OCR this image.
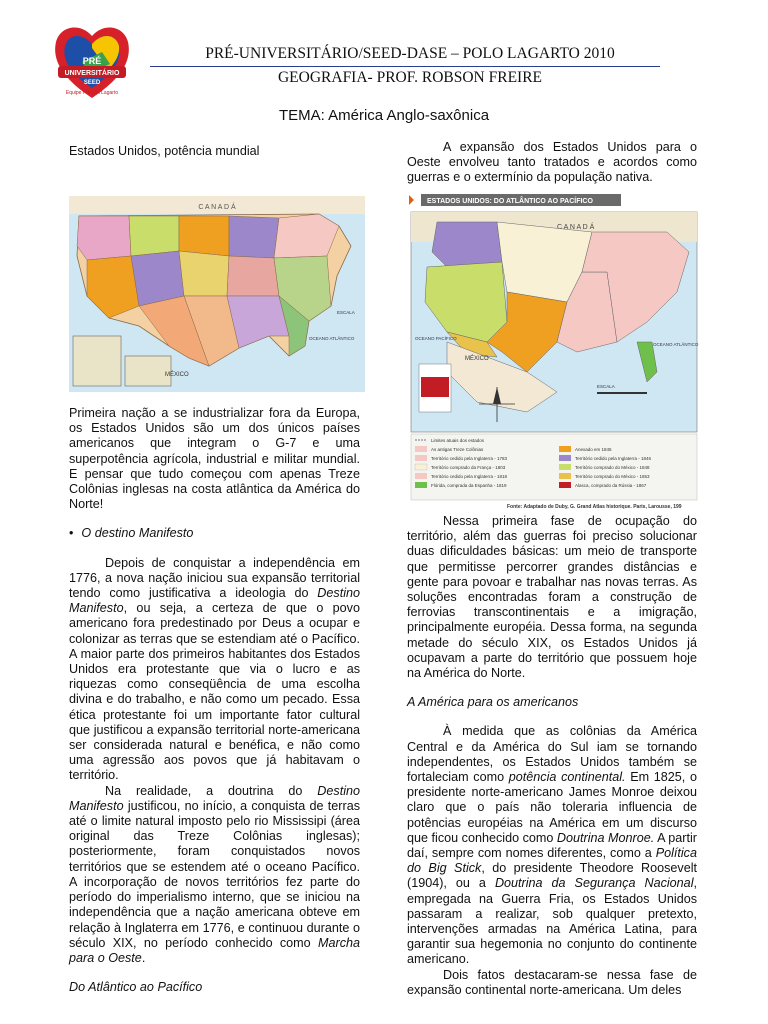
PRÉ
UNIVERSITÁRIO
SEED
Equipe Pré-Uni Lagarto
PRÉ-UNIVERSITÁRIO/SEED-DASE – POLO LAGARTO 2010
GEOGRAFIA- PROF. ROBSON FREIRE
TEMA: América Anglo-saxônica

Estados Unidos, potência mundial

C A N A D Á
MÉXICO
OCEANO ATLÂNTICO
ESCALA

Primeira nação a se industrializar fora da Europa, os Estados Unidos são um dos únicos países americanos que integram o G-7 e uma superpotência agrícola, industrial e militar mundial. E pensar que tudo começou com apenas Treze Colônias inglesas na costa atlântica da América do Norte!

• O destino Manifesto

Depois de conquistar a independência em 1776, a nova nação iniciou sua expansão territorial tendo como justificativa a ideologia do Destino Manifesto, ou seja, a certeza de que o povo americano fora predestinado por Deus a ocupar e colonizar as terras que se estendiam até o Pacífico. A maior parte dos primeiros habitantes dos Estados Unidos era protestante que via o lucro e as riquezas como conseqüência de uma escolha divina e do trabalho, e não como um pecado. Essa ética protestante foi um importante fator cultural que justificou a expansão territorial norte-americana ser considerada natural e benéfica, e não como uma agressão aos povos que já habitavam o território.

Na realidade, a doutrina do Destino Manifesto justificou, no início, a conquista de terras até o limite natural imposto pelo rio Mississipi (área original das Treze Colônias inglesas); posteriormente, foram conquistados novos territórios que se estendem até o oceano Pacífico. A incorporação de novos territórios fez parte do período do imperialismo interno, que se iniciou na independência que a nação americana obteve em relação à Inglaterra em 1776, e continuou durante o século XIX, no período conhecido como Marcha para o Oeste.

Do Atlântico ao Pacífico

A expansão dos Estados Unidos para o Oeste envolveu tanto tratados e acordos como guerras e o extermínio da população nativa.

ESTADOS UNIDOS: DO ATLÂNTICO AO PACÍFICO
C A N A D Á
MÉXICO
OCEANO PACÍFICO
OCEANO ATLÂNTICO
ESCALA
Limites atuais dos estados
As antigas Treze Colônias
Território cedido pela Inglaterra - 1783
Território comprado da França - 1803
Território cedido pela Inglaterra - 1818
Flórida, comprada da Espanha - 1819
Anexado em 1845
Território cedido pela Inglaterra - 1846
Território comprado do México - 1848
Território comprado do México - 1853
Alasca, comprado da Rússia - 1867
Fonte: Adaptado de Duby, G. Grand Atlas historique. Paris, Larousse, 199

Nessa primeira fase de ocupação do território, além das guerras foi preciso solucionar duas dificuldades básicas: um meio de transporte que permitisse percorrer grandes distâncias e gente para povoar e trabalhar nas novas terras. As soluções encontradas foram a construção de ferrovias transcontinentais e a imigração, principalmente européia. Dessa forma, na segunda metade do século XIX, os Estados Unidos já ocupavam a parte do território que possuem hoje na América do Norte.

A América para os americanos

À medida que as colônias da América Central e da América do Sul iam se tornando independentes, os Estados Unidos também se fortaleciam como potência continental. Em 1825, o presidente norte-americano James Monroe deixou claro que o país não toleraria influencia de potências européias na América em um discurso que ficou conhecido como Doutrina Monroe. A partir daí, sempre com nomes diferentes, como a Política do Big Stick, do presidente Theodore Roosevelt (1904), ou a Doutrina da Segurança Nacional, empregada na Guerra Fria, os Estados Unidos passaram a realizar, sob qualquer pretexto, intervenções armadas na América Latina, para garantir sua hegemonia no conjunto do continente americano.

Dois fatos destacaram-se nessa fase de expansão continental norte-americana. Um deles
